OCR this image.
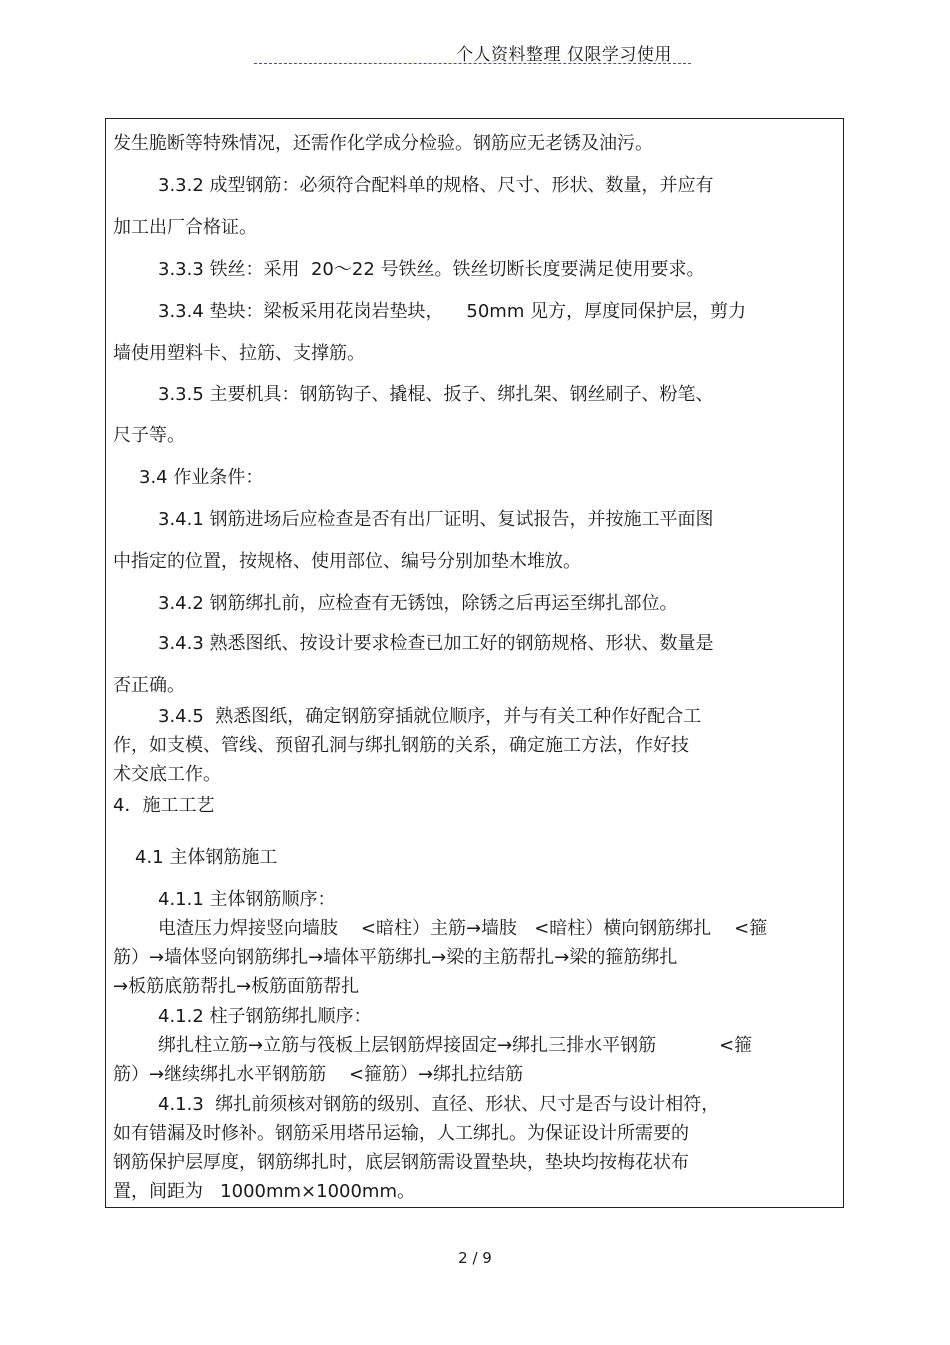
个人资料整理 仅限学习使用
发生脆断等特殊情况，还需作化学成分检验。钢筋应无老锈及油污。
3.3.2 成型钢筋：必须符合配料单的规格、尺寸、形状、数量，并应有
加工出厂合格证。
3.3.3 铁丝：采用  20～22 号铁丝。铁丝切断长度要满足使用要求。
3.3.4 垫块：梁板采用花岗岩垫块，    50mm 见方，厚度同保护层，剪力
墙使用塑料卡、拉筋、支撑筋。
3.3.5 主要机具：钢筋钩子、撬棍、扳子、绑扎架、钢丝刷子、粉笔、
尺子等。
3.4 作业条件：
3.4.1 钢筋进场后应检查是否有出厂证明、复试报告，并按施工平面图
中指定的位置，按规格、使用部位、编号分别加垫木堆放。
3.4.2 钢筋绑扎前，应检查有无锈蚀，除锈之后再运至绑扎部位。
3.4.3 熟悉图纸、按设计要求检查已加工好的钢筋规格、形状、数量是
否正确。
3.4.5  熟悉图纸，确定钢筋穿插就位顺序，并与有关工种作好配合工
作，如支模、管线、预留孔洞与绑扎钢筋的关系，确定施工方法，作好技
术交底工作。
4．施工工艺
4.1 主体钢筋施工
4.1.1 主体钢筋顺序：
电渣压力焊接竖向墙肢    <暗柱）主筋→墙肢   <暗柱）横向钢筋绑扎    <箍
筋）→墙体竖向钢筋绑扎→墙体平筋绑扎→梁的主筋帮扎→梁的箍筋绑扎
→板筋底筋帮扎→板筋面筋帮扎
4.1.2 柱子钢筋绑扎顺序：
绑扎柱立筋→立筋与筏板上层钢筋焊接固定→绑扎三排水平钢筋           <箍
筋）→继续绑扎水平钢筋筋    <箍筋）→绑扎拉结筋
4.1.3  绑扎前须核对钢筋的级别、直径、形状、尺寸是否与设计相符，
如有错漏及时修补。钢筋采用塔吊运输，人工绑扎。为保证设计所需要的
钢筋保护层厚度，钢筋绑扎时，底层钢筋需设置垫块，垫块均按梅花状布
置，间距为   1000mm×1000mm。
2 / 9
